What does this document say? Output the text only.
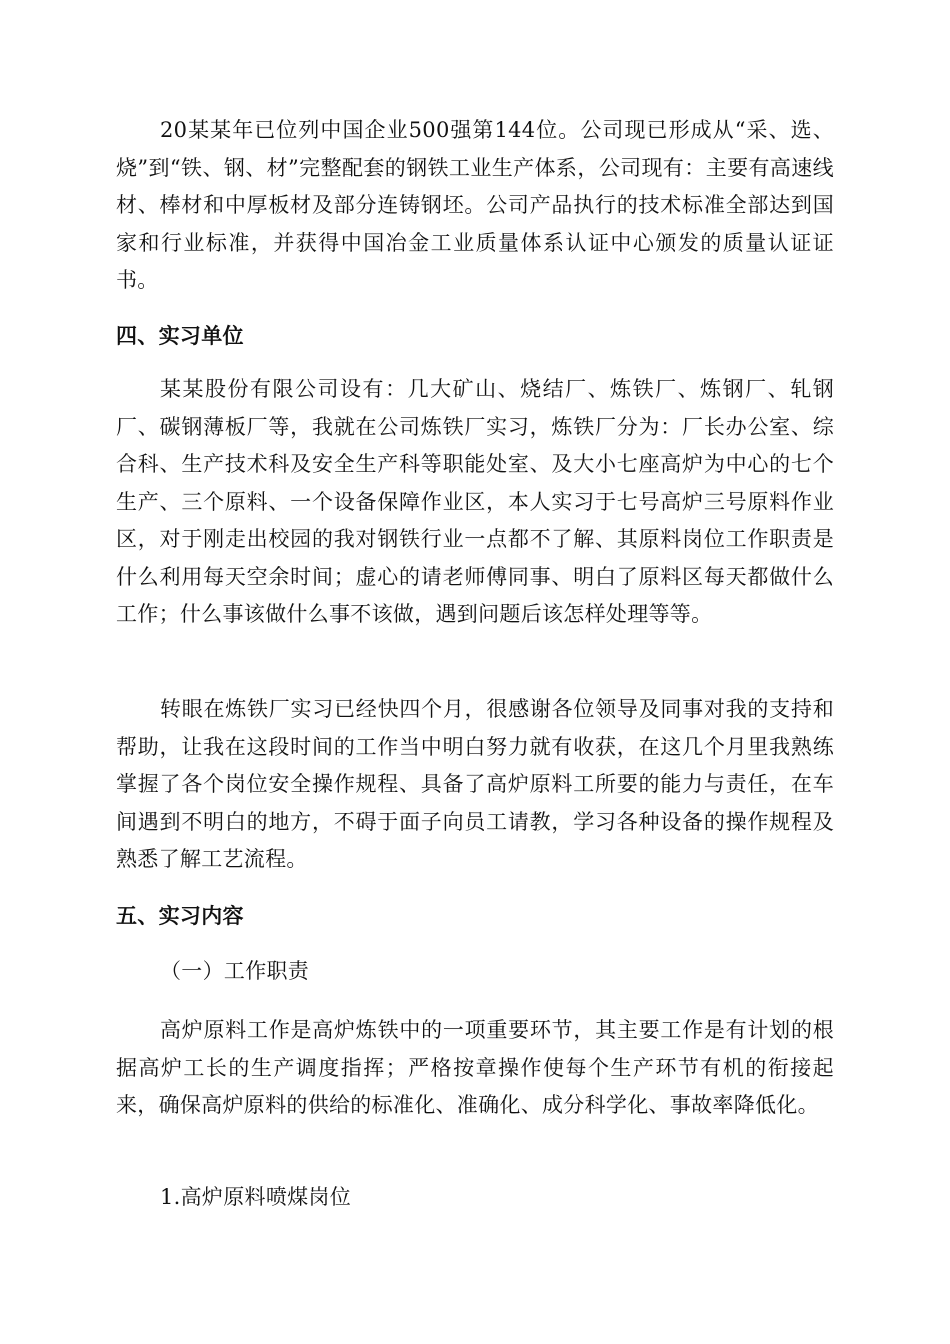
20某某年已位列中国企业500强第144位。公司现已形成从“采、选、烧”到“铁、钢、材”完整配套的钢铁工业生产体系，公司现有：主要有高速线材、棒材和中厚板材及部分连铸钢坯。公司产品执行的技术标准全部达到国家和行业标准，并获得中国冶金工业质量体系认证中心颁发的质量认证证书。

四、实习单位

某某股份有限公司设有：几大矿山、烧结厂、炼铁厂、炼钢厂、轧钢厂、碳钢薄板厂等，我就在公司炼铁厂实习，炼铁厂分为：厂长办公室、综合科、生产技术科及安全生产科等职能处室、及大小七座高炉为中心的七个生产、三个原料、一个设备保障作业区，本人实习于七号高炉三号原料作业区，对于刚走出校园的我对钢铁行业一点都不了解、其原料岗位工作职责是什么利用每天空余时间；虚心的请老师傅同事、明白了原料区每天都做什么工作；什么事该做什么事不该做，遇到问题后该怎样处理等等。

转眼在炼铁厂实习已经快四个月，很感谢各位领导及同事对我的支持和帮助，让我在这段时间的工作当中明白努力就有收获，在这几个月里我熟练掌握了各个岗位安全操作规程、具备了高炉原料工所要的能力与责任，在车间遇到不明白的地方，不碍于面子向员工请教，学习各种设备的操作规程及熟悉了解工艺流程。

五、实习内容

（一）工作职责

高炉原料工作是高炉炼铁中的一项重要环节，其主要工作是有计划的根据高炉工长的生产调度指挥；严格按章操作使每个生产环节有机的衔接起来，确保高炉原料的供给的标准化、准确化、成分科学化、事故率降低化。

1.高炉原料喷煤岗位
